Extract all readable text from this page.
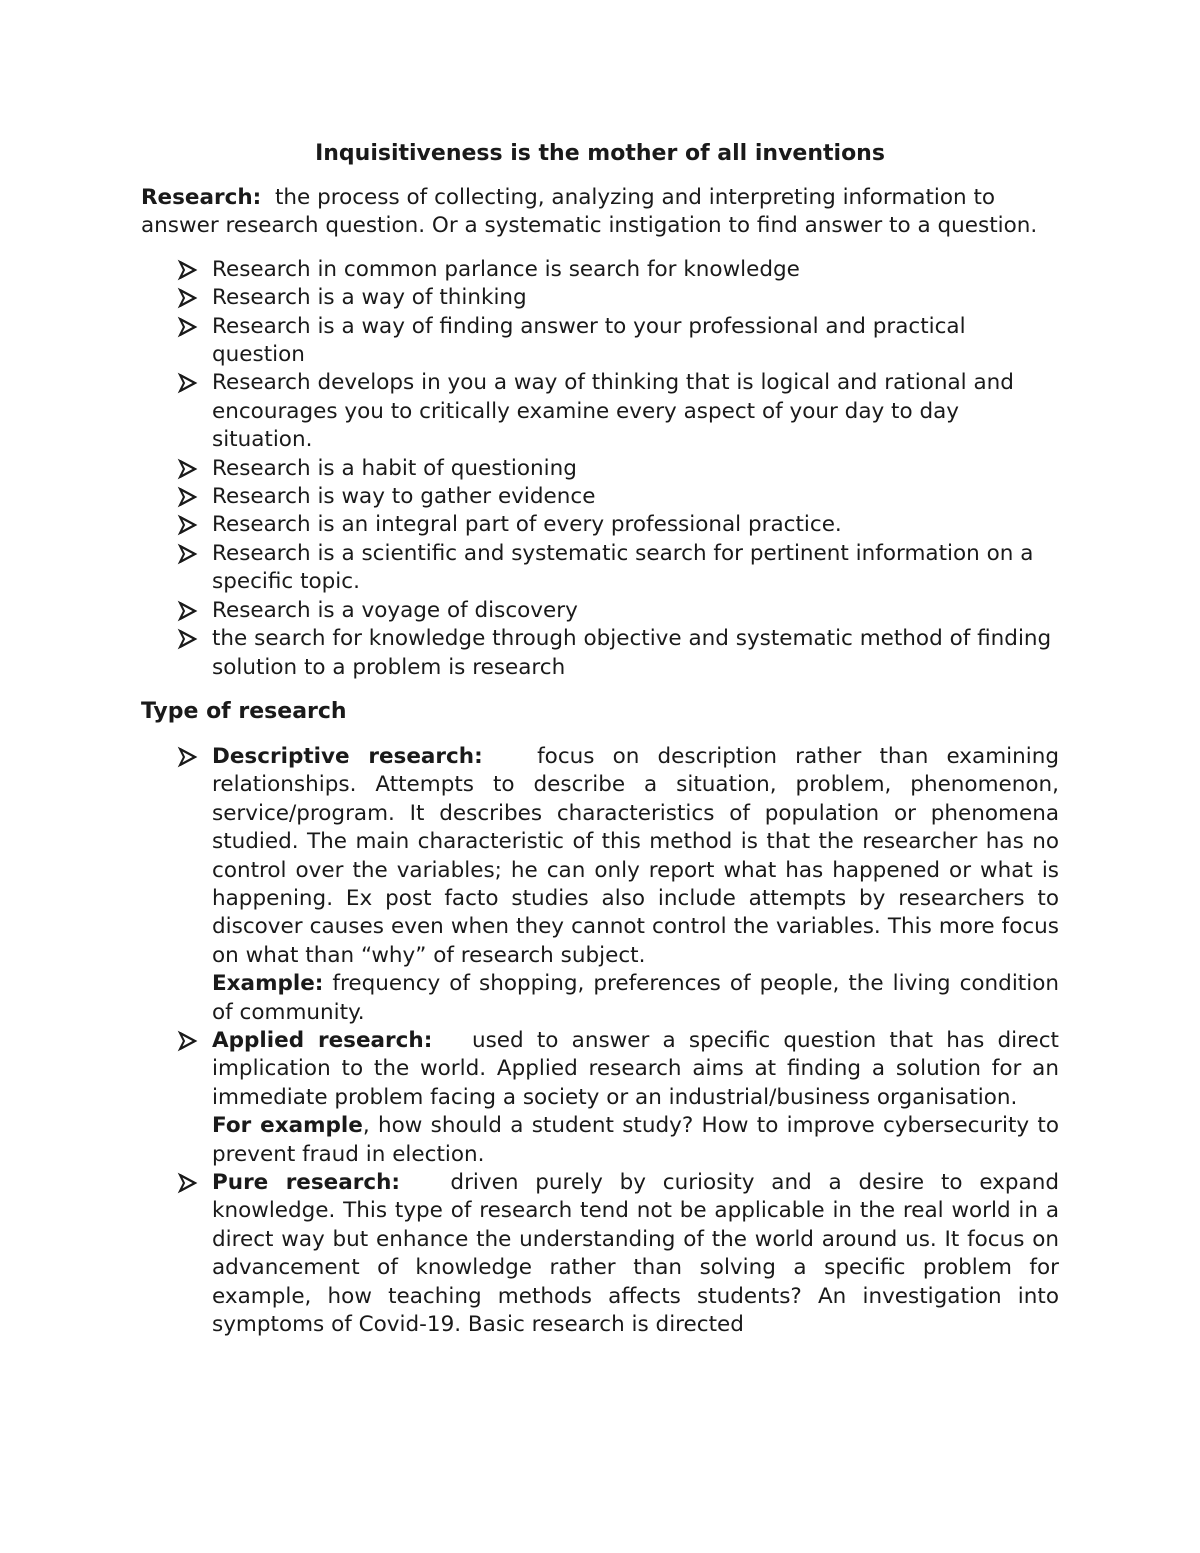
Inquisitiveness is the mother of all inventions
Research: the process of collecting, analyzing and interpreting information to answer research question. Or a systematic instigation to find answer to a question.
Research in common parlance is search for knowledge
Research is a way of thinking
Research is a way of finding answer to your professional and practical question
Research develops in you a way of thinking that is logical and rational and encourages you to critically examine every aspect of your day to day situation.
Research is a habit of questioning
Research is way to gather evidence
Research is an integral part of every professional practice.
Research is a scientific and systematic search for pertinent information on a specific topic.
Research is a voyage of discovery
the search for knowledge through objective and systematic method of finding solution to a problem is research
Type of research
Descriptive research:	focus on description rather than examining relationships. Attempts to describe a situation, problem, phenomenon, service/program. It describes characteristics of population or phenomena studied. The main characteristic of this method is that the researcher has no control over the variables; he can only report what has happened or what is happening. Ex post facto studies also include attempts by researchers to discover causes even when they cannot control the variables. This more focus on what than “why” of research subject.
Example: frequency of shopping, preferences of people, the living condition of community.
Applied research: used to answer a specific question that has direct implication to the world. Applied research aims at finding a solution for an immediate problem facing a society or an industrial/business organisation.
For example, how should a student study? How to improve cybersecurity to prevent fraud in election.
Pure research: driven purely by curiosity and a desire to expand knowledge. This type of research tend not be applicable in the real world in a direct way but enhance the understanding of the world around us. It focus on advancement of knowledge rather than solving a specific problem for example, how teaching methods affects students? An investigation into symptoms of Covid-19. Basic research is directed
